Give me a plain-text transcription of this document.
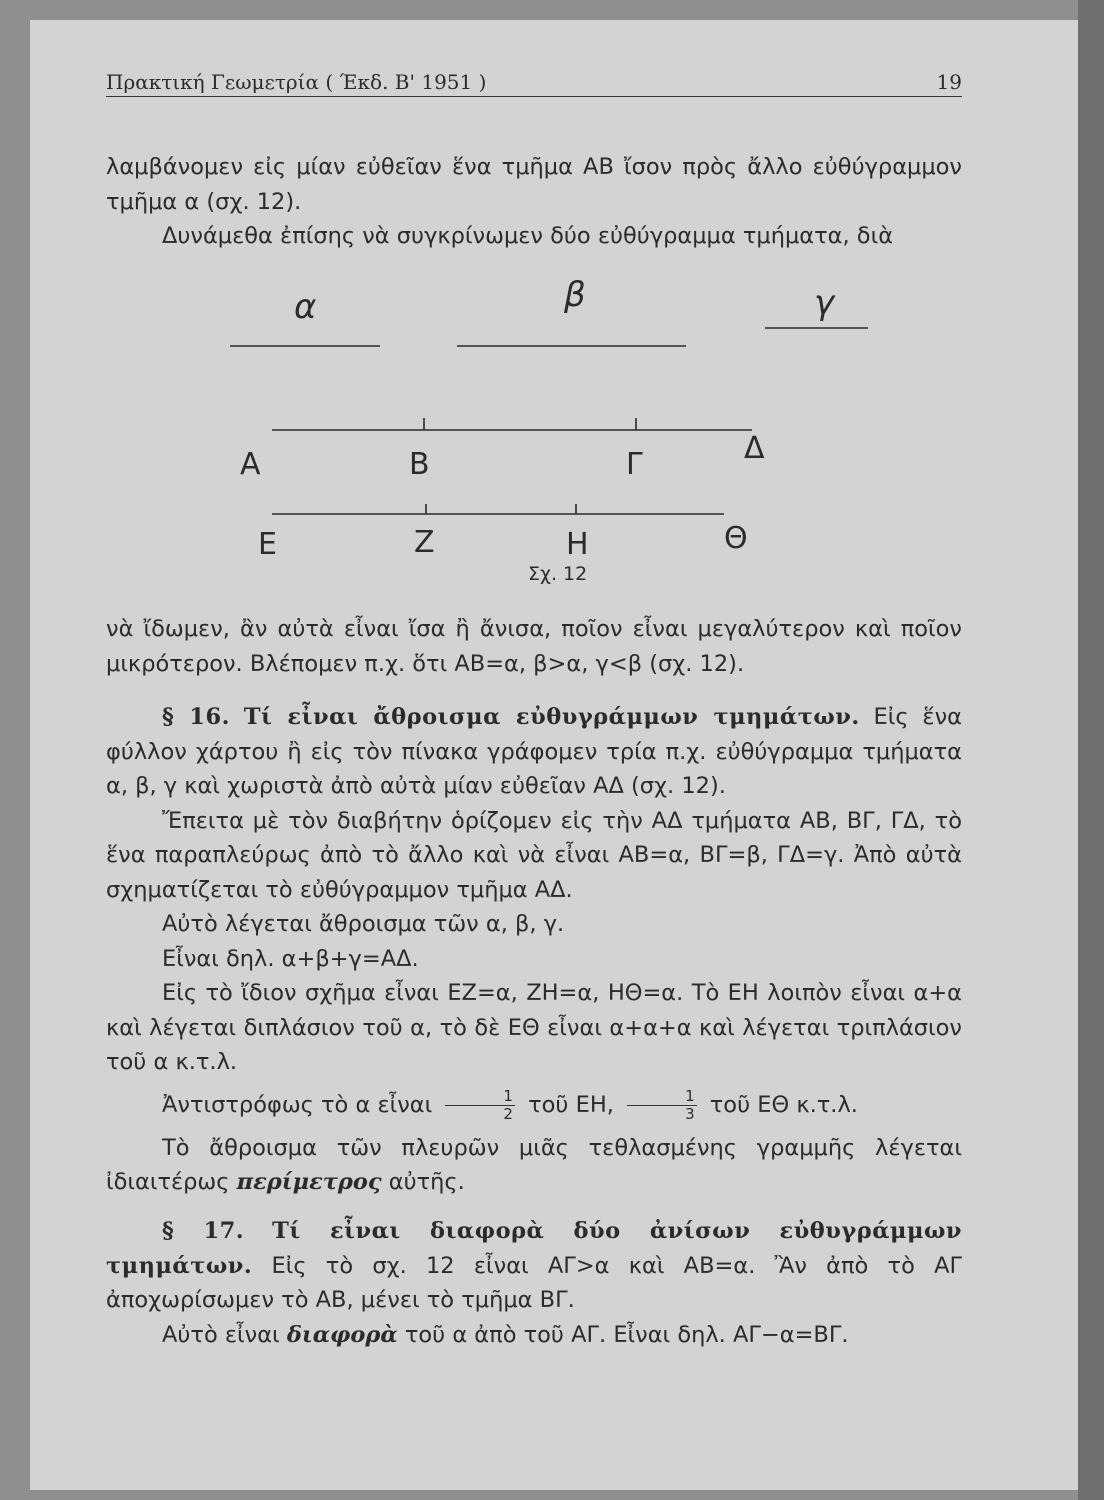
Πρακτική Γεωμετρία ( Έκδ. Β' 1951 )	19

λαμβάνομεν εἰς μίαν εὐθεῖαν ἕνα τμῆμα ΑΒ ἴσον πρὸς ἄλλο εὐθύγραμμον τμῆμα α (σχ. 12).

Δυνάμεθα ἐπίσης νὰ συγκρίνωμεν δύο εὐθύγραμμα τμήματα, διὰ

α	β	γ
Α	Β	Γ	Δ
Ε	Ζ	Η	Θ
Σχ. 12

νὰ ἴδωμεν, ἂν αὐτὰ εἶναι ἴσα ἢ ἄνισα, ποῖον εἶναι μεγαλύτερον καὶ ποῖον μικρότερον. Βλέπομεν π.χ. ὅτι ΑΒ=α, β>α, γ<β (σχ. 12).

§ 16. Τί εἶναι ἄθροισμα εὐθυγράμμων τμημάτων. Εἰς ἕνα φύλλον χάρτου ἢ εἰς τὸν πίνακα γράφομεν τρία π.χ. εὐθύγραμμα τμήματα α, β, γ καὶ χωριστὰ ἀπὸ αὐτὰ μίαν εὐθεῖαν ΑΔ (σχ. 12).

Ἔπειτα μὲ τὸν διαβήτην ὁρίζομεν εἰς τὴν ΑΔ τμήματα ΑΒ, ΒΓ, ΓΔ, τὸ ἕνα παραπλεύρως ἀπὸ τὸ ἄλλο καὶ νὰ εἶναι ΑΒ=α, ΒΓ=β, ΓΔ=γ. Ἀπὸ αὐτὰ σχηματίζεται τὸ εὐθύγραμμον τμῆμα ΑΔ.

Αὐτὸ λέγεται ἄθροισμα τῶν α, β, γ.

Εἶναι δηλ. α+β+γ=ΑΔ.

Εἰς τὸ ἴδιον σχῆμα εἶναι ΕΖ=α, ΖΗ=α, ΗΘ=α. Τὸ ΕΗ λοιπὸν εἶναι α+α καὶ λέγεται διπλάσιον τοῦ α, τὸ δὲ ΕΘ εἶναι α+α+α καὶ λέγεται τριπλάσιον τοῦ α κ.τ.λ.

Ἀντιστρόφως τὸ α εἶναι $\frac{1}{2}$ τοῦ ΕΗ, $\frac{1}{3}$ τοῦ ΕΘ κ.τ.λ.

Τὸ ἄθροισμα τῶν πλευρῶν μιᾶς τεθλασμένης γραμμῆς λέγεται ἰδιαιτέρως περίμετρος αὐτῆς.

§ 17. Τί εἶναι διαφορὰ δύο ἀνίσων εὐθυγράμμων τμημάτων. Εἰς τὸ σχ. 12 εἶναι ΑΓ>α καὶ ΑΒ=α. Ἂν ἀπὸ τὸ ΑΓ ἀποχωρίσωμεν τὸ ΑΒ, μένει τὸ τμῆμα ΒΓ.

Αὐτὸ εἶναι διαφορὰ τοῦ α ἀπὸ τοῦ ΑΓ. Εἶναι δηλ. ΑΓ−α=ΒΓ.
